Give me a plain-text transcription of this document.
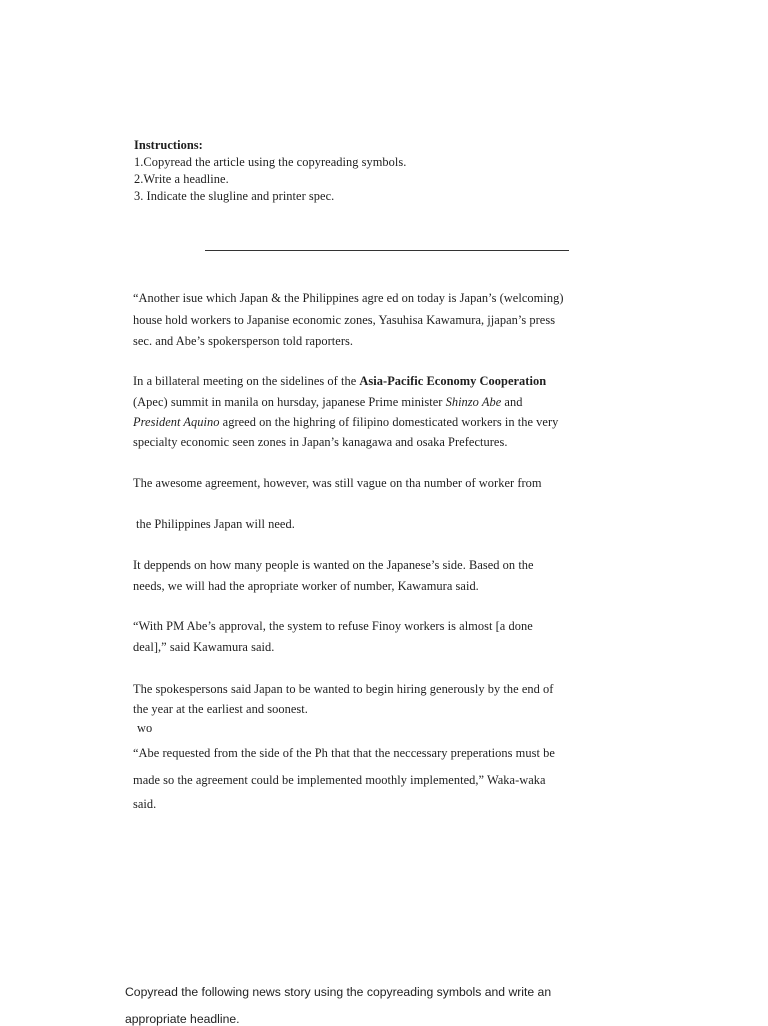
Instructions:
1.Copyread the article using the copyreading symbols.
2.Write a headline.
3. Indicate the slugline and printer spec.
“Another isue which Japan & the Philippines agre ed on today is Japan’s (welcoming)
house hold workers to Japanise economic zones, Yasuhisa Kawamura, jjapan’s press
sec. and Abe’s spokersperson told raporters.
In a billateral meeting on the sidelines of the Asia-Pacific Economy Cooperation
(Apec) summit in manila on hursday, japanese Prime minister Shinzo Abe and
President Aquino agreed on the highring of filipino domesticated workers in the very
specialty economic seen zones in Japan’s kanagawa and osaka Prefectures.
The awesome agreement, however, was still vague on tha number of worker from
the Philippines Japan will need.
It deppends on how many people is wanted on the Japanese’s side. Based on the
needs, we will had the apropriate worker of number, Kawamura said.
“With PM Abe’s approval, the system to refuse Finoy workers is almost [a done
deal],” said Kawamura said.
The spokespersons said Japan to be wanted to begin hiring generously by the end of
the year at the earliest and soonest.
wo
“Abe requested from the side of the Ph that that the neccessary preperations must be
made so the agreement could be implemented moothly implemented,” Waka-waka
said.
Copyread the following news story using the copyreading symbols and write an
appropriate headline.
